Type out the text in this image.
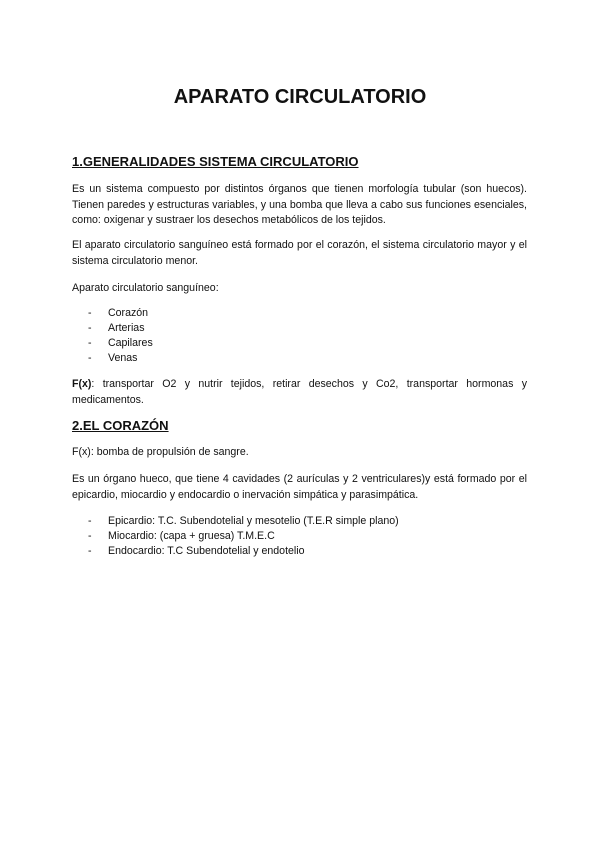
APARATO CIRCULATORIO
1.GENERALIDADES SISTEMA CIRCULATORIO

Es un sistema compuesto por distintos órganos que tienen morfología tubular (son huecos). Tienen paredes y estructuras variables, y una bomba que lleva a cabo sus funciones esenciales, como: oxigenar y sustraer los desechos metabólicos de los tejidos.

El aparato circulatorio sanguíneo está formado por el corazón, el sistema circulatorio mayor y el sistema circulatorio menor.

Aparato circulatorio sanguíneo:

- Corazón
- Arterias
- Capilares
- Venas

F(x): transportar O2 y nutrir tejidos, retirar desechos y Co2, transportar hormonas y medicamentos.

2.EL CORAZÓN

F(x): bomba de propulsión de sangre.

Es un órgano hueco, que tiene 4 cavidades (2 aurículas y 2 ventriculares)y está formado por el epicardio, miocardio y endocardio o inervación simpática y parasimpática.

- Epicardio: T.C. Subendotelial y mesotelio (T.E.R simple plano)
- Miocardio: (capa + gruesa) T.M.E.C
- Endocardio: T.C Subendotelial y endotelio
